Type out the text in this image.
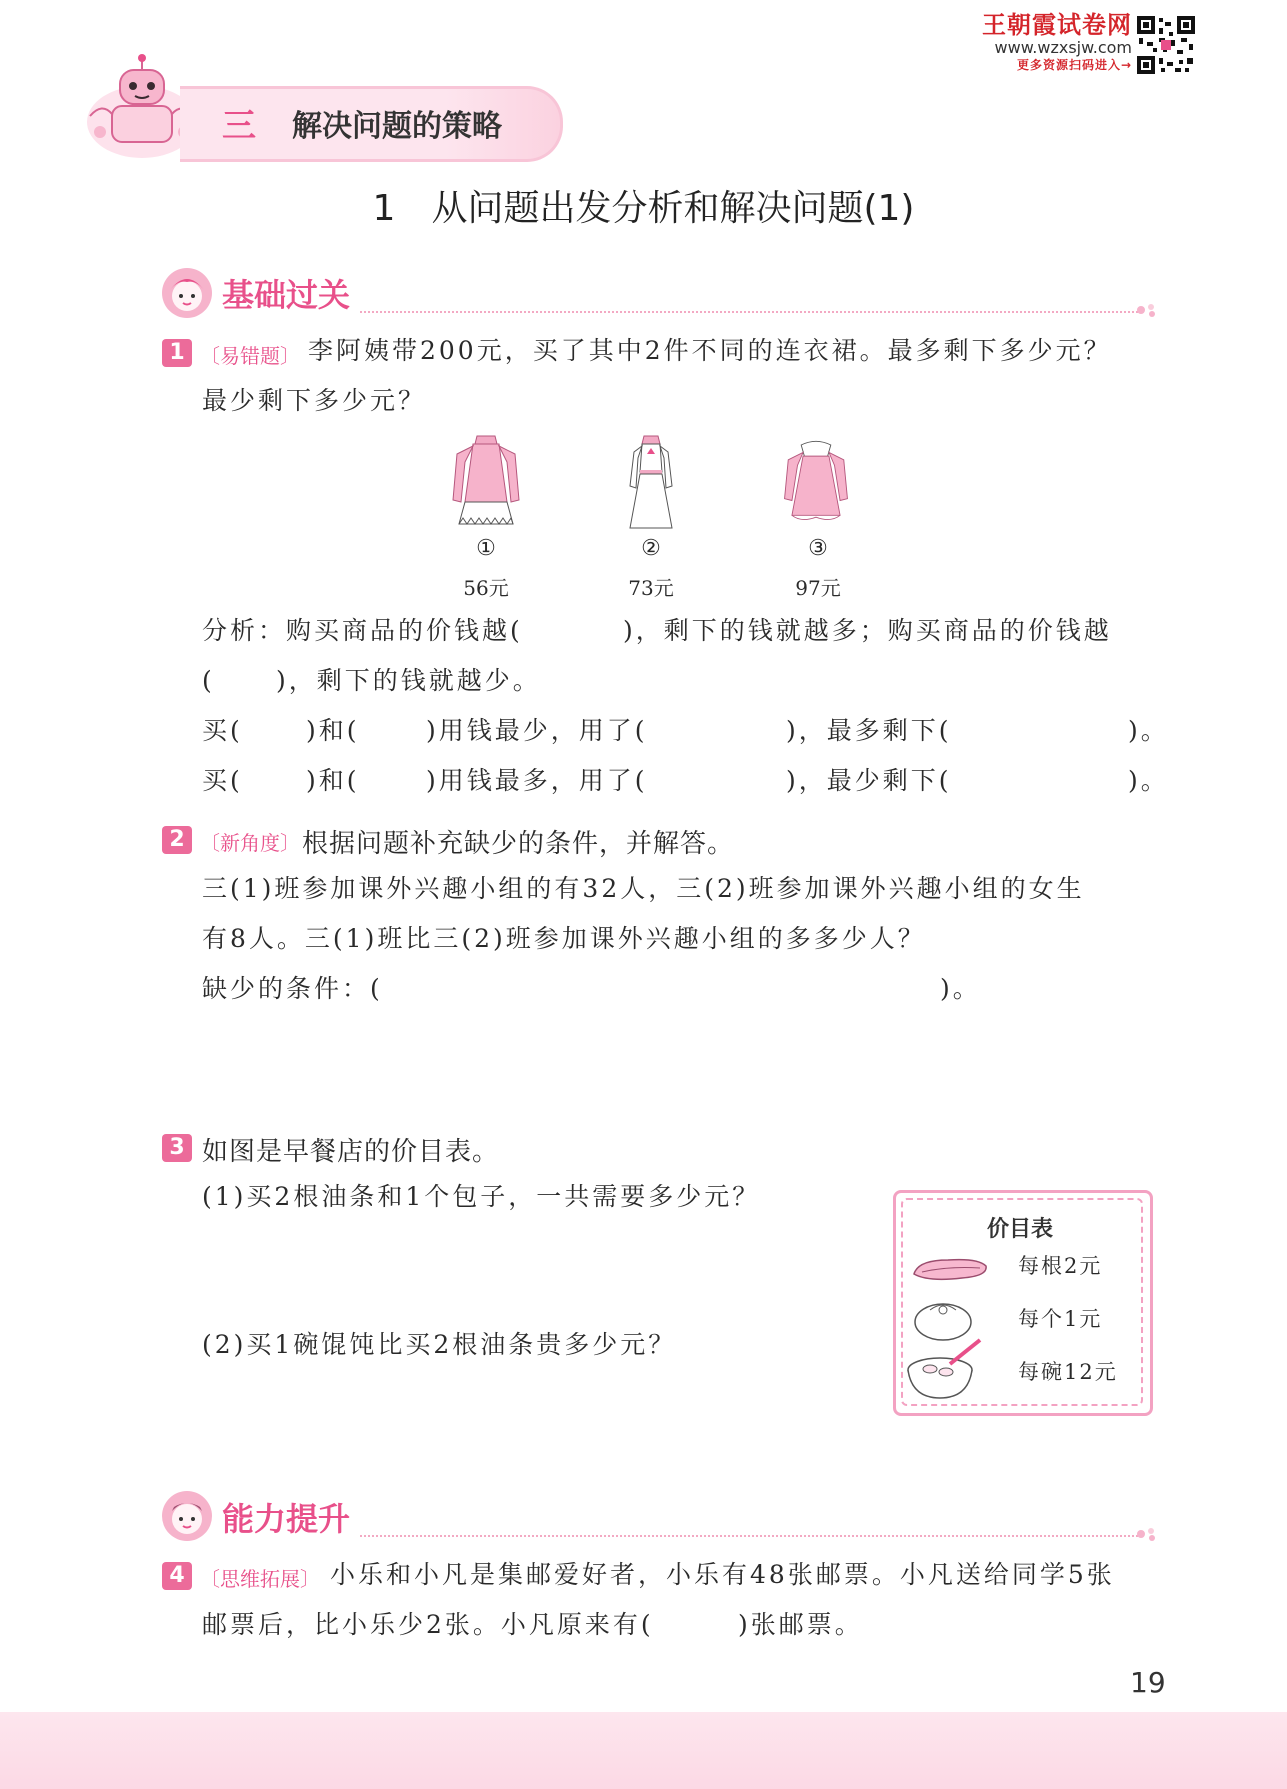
王朝霞试卷网
www.wzxsjw.com
更多资源扫码进入→
三 解决问题的策略
1　从问题出发分析和解决问题(1)
基础过关
1 〔易错题〕 李阿姨带200元，买了其中2件不同的连衣裙。最多剩下多少元？
最少剩下多少元？
①	②	③
56元	73元	97元
分析：购买商品的价钱越(	)，剩下的钱就越多；购买商品的价钱越
( )，剩下的钱就越少。
买(	)和(	)用钱最少，用了(	)，最多剩下(	)。
买(	)和(	)用钱最多，用了(	)，最少剩下(	)。
2 〔新角度〕 根据问题补充缺少的条件，并解答。
三(1)班参加课外兴趣小组的有32人，三(2)班参加课外兴趣小组的女生
有8人。三(1)班比三(2)班参加课外兴趣小组的多多少人？
缺少的条件：(	)。
3 如图是早餐店的价目表。
(1)买2根油条和1个包子，一共需要多少元？
(2)买1碗馄饨比买2根油条贵多少元？
价目表
每根2元
每个1元
每碗12元
能力提升
4 〔思维拓展〕 小乐和小凡是集邮爱好者，小乐有48张邮票。小凡送给同学5张
邮票后，比小乐少2张。小凡原来有(	)张邮票。
19
